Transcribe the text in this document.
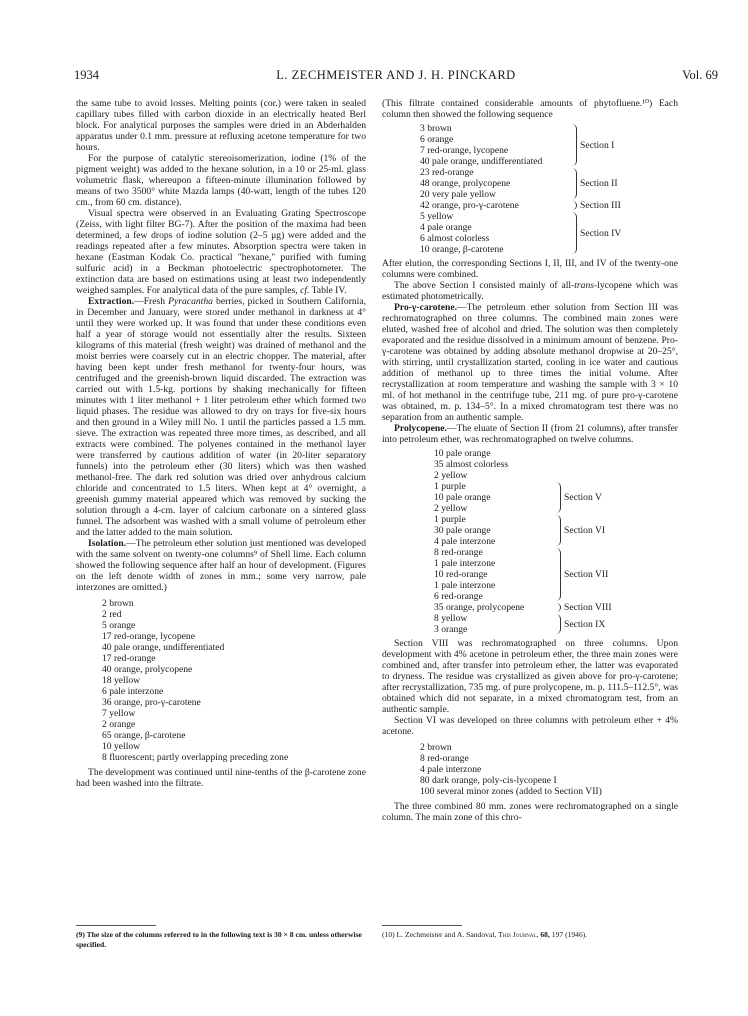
1934	L. ZECHMEISTER AND J. H. PINCKARD	Vol. 69

the same tube to avoid losses. Melting points (cor.) were taken in sealed capillary tubes filled with carbon dioxide in an electrically heated Berl block. For analytical purposes the samples were dried in an Abderhalden apparatus under 0.1 mm. pressure at refluxing acetone temperature for two hours.

For the purpose of catalytic stereoisomerization, iodine (1% of the pigment weight) was added to the hexane solution, in a 10 or 25-ml. glass volumetric flask, whereupon a fifteen-minute illumination followed by means of two 3500° white Mazda lamps (40-watt, length of the tubes 120 cm., from 60 cm. distance).

Visual spectra were observed in an Evaluating Grating Spectroscope (Zeiss, with light filter BG-7). After the position of the maxima had been determined, a few drops of iodine solution (2–5 μg) were added and the readings repeated after a few minutes. Absorption spectra were taken in hexane (Eastman Kodak Co. practical "hexane," purified with fuming sulfuric acid) in a Beckman photoelectric spectrophotometer. The extinction data are based on estimations using at least two independently weighed samples. For analytical data of the pure samples, cf. Table IV.

Extraction.—Fresh Pyracantha berries, picked in Southern California, in December and January, were stored under methanol in darkness at 4° until they were worked up. It was found that under these conditions even half a year of storage would not essentially alter the results. Sixteen kilograms of this material (fresh weight) was drained of methanol and the moist berries were coarsely cut in an electric chopper. The material, after having been kept under fresh methanol for twenty-four hours, was centrifuged and the greenish-brown liquid discarded. The extraction was carried out with 1.5-kg. portions by shaking mechanically for fifteen minutes with 1 liter methanol + 1 liter petroleum ether which formed two liquid phases. The residue was allowed to dry on trays for five-six hours and then ground in a Wiley mill No. 1 until the particles passed a 1.5 mm. sieve. The extraction was repeated three more times, as described, and all extracts were combined. The polyenes contained in the methanol layer were transferred by cautious addition of water (in 20-liter separatory funnels) into the petroleum ether (30 liters) which was then washed methanol-free. The dark red solution was dried over anhydrous calcium chloride and concentrated to 1.5 liters. When kept at 4° overnight, a greenish gummy material appeared which was removed by sucking the solution through a 4-cm. layer of calcium carbonate on a sintered glass funnel. The adsorbent was washed with a small volume of petroleum ether and the latter added to the main solution.

Isolation.—The petroleum ether solution just mentioned was developed with the same solvent on twenty-one columns⁹ of Shell lime. Each column showed the following sequence after half an hour of development. (Figures on the left denote width of zones in mm.; some very narrow, pale interzones are omitted.)

2 brown
2 red
5 orange
17 red-orange, lycopene
40 pale orange, undifferentiated
17 red-orange
40 orange, prolycopene
18 yellow
6 pale interzone
36 orange, pro-γ-carotene
7 yellow
2 orange
65 orange, β-carotene
10 yellow
8 fluorescent; partly overlapping preceding zone

The development was continued until nine-tenths of the β-carotene zone had been washed into the filtrate.

(This filtrate contained considerable amounts of phytofluene.¹⁰) Each column then showed the following sequence

3 brown
6 orange
7 red-orange, lycopene
40 pale orange, undifferentiated
23 red-orange
48 orange, prolycopene
20 very pale yellow
42 orange, pro-γ-carotene
5 yellow
4 pale orange
6 almost colorless
10 orange, β-carotene
Section I
Section II
Section III
Section IV

After elution, the corresponding Sections I, II, III, and IV of the twenty-one columns were combined.

The above Section I consisted mainly of all-trans-lycopene which was estimated photometrically.

Pro-γ-carotene.—The petroleum ether solution from Section III was rechromatographed on three columns. The combined main zones were eluted, washed free of alcohol and dried. The solution was then completely evaporated and the residue dissolved in a minimum amount of benzene. Pro-γ-carotene was obtained by adding absolute methanol dropwise at 20–25°, with stirring, until crystallization started, cooling in ice water and cautious addition of methanol up to three times the initial volume. After recrystallization at room temperature and washing the sample with 3 × 10 ml. of hot methanol in the centrifuge tube, 211 mg. of pure pro-γ-carotene was obtained, m. p. 134–5°. In a mixed chromatogram test there was no separation from an authentic sample.

Prolycopene.—The eluate of Section II (from 21 columns), after transfer into petroleum ether, was rechromatographed on twelve columns.

10 pale orange
35 almost colorless
2 yellow
1 purple
10 pale orange
2 yellow
1 purple
30 pale orange
4 pale interzone
8 red-orange
1 pale interzone
10 red-orange
1 pale interzone
6 red-orange
35 orange, prolycopene
8 yellow
3 orange
Section V
Section VI
Section VII
Section VIII
Section IX

Section VIII was rechromatographed on three columns. Upon development with 4% acetone in petroleum ether, the three main zones were combined and, after transfer into petroleum ether, the latter was evaporated to dryness. The residue was crystallized as given above for pro-γ-carotene; after recrystallization, 735 mg. of pure prolycopene, m. p. 111.5–112.5°, was obtained which did not separate, in a mixed chromatogram test, from an authentic sample.

Section VI was developed on three columns with petroleum ether + 4% acetone.

2 brown
8 red-orange
4 pale interzone
80 dark orange, poly-cis-lycopene I
100 several minor zones (added to Section VII)

The three combined 80 mm. zones were rechromatographed on a single column. The main zone of this chro-

(9) The size of the columns referred to in the following text is 30 × 8 cm. unless otherwise specified.
(10) L. Zechmeister and A. Sandoval, This Journal, 68, 197 (1946).
